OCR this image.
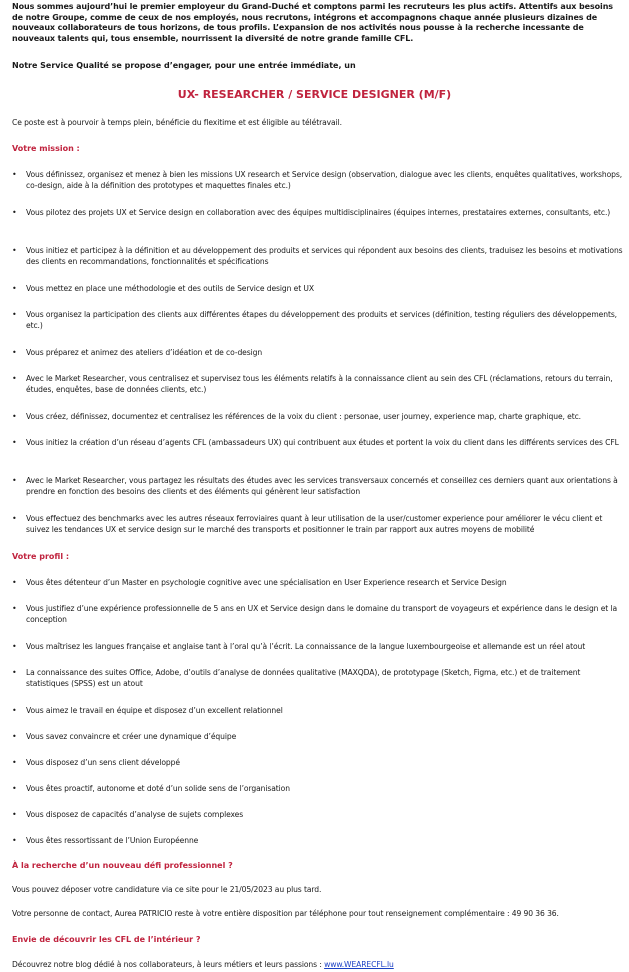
Nous sommes aujourd’hui le premier employeur du Grand-Duché et comptons parmi les recruteurs les plus actifs. Attentifs aux besoins de notre Groupe, comme de ceux de nos employés, nous recrutons, intégrons et accompagnons chaque année plusieurs dizaines de nouveaux collaborateurs de tous horizons, de tous profils. L’expansion de nos activités nous pousse à la recherche incessante de nouveaux talents qui, tous ensemble, nourrissent la diversité de notre grande famille CFL.

Notre Service Qualité se propose d’engager, pour une entrée immédiate, un

UX- RESEARCHER / SERVICE DESIGNER (M/F)

Ce poste est à pourvoir à temps plein, bénéficie du flexitime et est éligible au télétravail.

Votre mission :
•	Vous définissez, organisez et menez à bien les missions UX research et Service design (observation, dialogue avec les clients, enquêtes qualitatives, workshops, co-design, aide à la définition des prototypes et maquettes finales etc.)
•	Vous pilotez des projets UX et Service design en collaboration avec des équipes multidisciplinaires (équipes internes, prestataires externes, consultants, etc.)
•	Vous initiez et participez à la définition et au développement des produits et services qui répondent aux besoins des clients, traduisez les besoins et motivations des clients en recommandations, fonctionnalités et spécifications
•	Vous mettez en place une méthodologie et des outils de Service design et UX
•	Vous organisez la participation des clients aux différentes étapes du développement des produits et services (définition, testing réguliers des développements, etc.)
•	Vous préparez et animez des ateliers d’idéation et de co-design
•	Avec le Market Researcher, vous centralisez et supervisez tous les éléments relatifs à la connaissance client au sein des CFL (réclamations, retours du terrain, études, enquêtes, base de données clients, etc.)
•	Vous créez, définissez, documentez et centralisez les références de la voix du client : personae, user journey, experience map, charte graphique, etc.
•	Vous initiez la création d’un réseau d’agents CFL (ambassadeurs UX) qui contribuent aux études et portent la voix du client dans les différents services des CFL
•	Avec le Market Researcher, vous partagez les résultats des études avec les services transversaux concernés et conseillez ces derniers quant aux orientations à prendre en fonction des besoins des clients et des éléments qui génèrent leur satisfaction
•	Vous effectuez des benchmarks avec les autres réseaux ferroviaires quant à leur utilisation de la user/customer experience pour améliorer le vécu client et suivez les tendances UX et service design sur le marché des transports et positionner le train par rapport aux autres moyens de mobilité
Votre profil :
•	Vous êtes détenteur d’un Master en psychologie cognitive avec une spécialisation en User Experience research et Service Design
•	Vous justifiez d’une expérience professionnelle de 5 ans en UX et Service design dans le domaine du transport de voyageurs et expérience dans le design et la conception
•	Vous maîtrisez les langues française et anglaise tant à l’oral qu’à l’écrit. La connaissance de la langue luxembourgeoise et allemande est un réel atout
•	La connaissance des suites Office, Adobe, d’outils d’analyse de données qualitative (MAXQDA), de prototypage (Sketch, Figma, etc.) et de traitement statistiques (SPSS) est un atout
•	Vous aimez le travail en équipe et disposez d’un excellent relationnel
•	Vous savez convaincre et créer une dynamique d’équipe
•	Vous disposez d’un sens client développé
•	Vous êtes proactif, autonome et doté d’un solide sens de l’organisation
•	Vous disposez de capacités d’analyse de sujets complexes
•	Vous êtes ressortissant de l’Union Européenne
À la recherche d’un nouveau défi professionnel ?

Vous pouvez déposer votre candidature via ce site pour le 21/05/2023 au plus tard.

Votre personne de contact, Aurea PATRICIO reste à votre entière disposition par téléphone pour tout renseignement complémentaire : 49 90 36 36.

Envie de découvrir les CFL de l’intérieur ?

Découvrez notre blog dédié à nos collaborateurs, à leurs métiers et leurs passions : www.WEARECFL.lu
